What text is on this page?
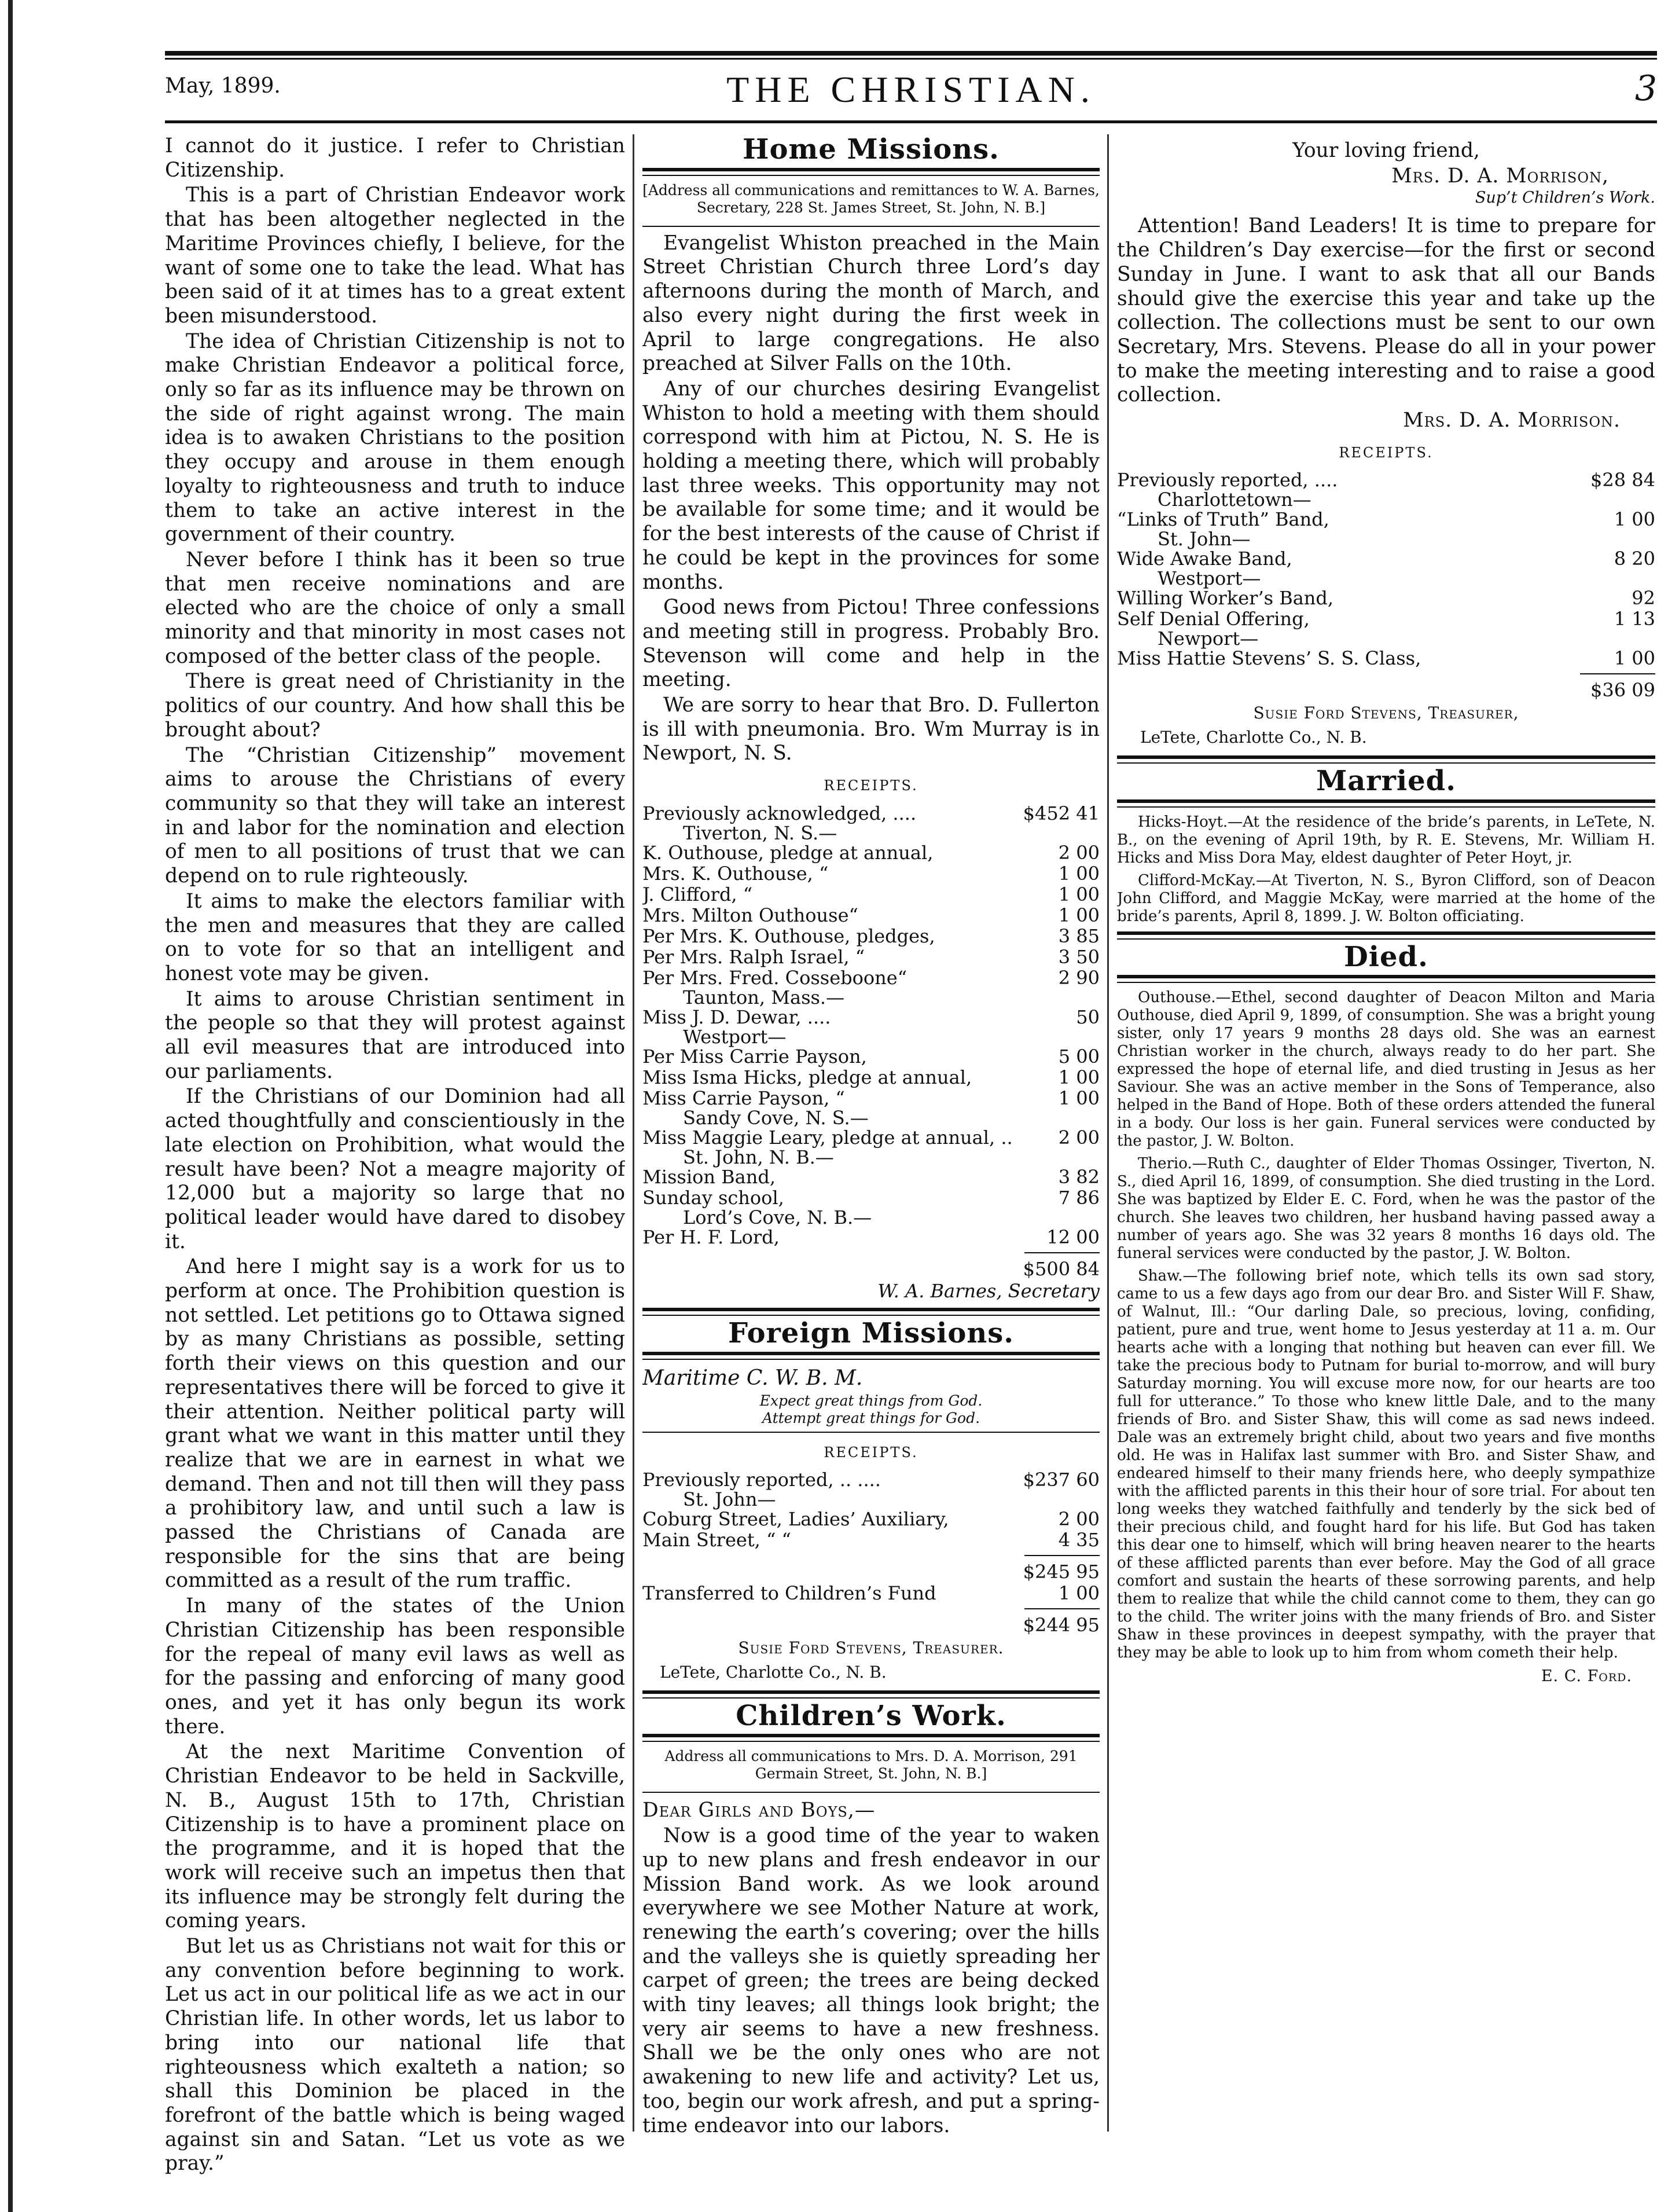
May, 1899.	THE CHRISTIAN.	3

I cannot do it justice. I refer to Christian Citizenship.

This is a part of Christian Endeavor work that has been altogether neglected in the Maritime Provinces chiefly, I believe, for the want of some one to take the lead. What has been said of it at times has to a great extent been misunderstood.

The idea of Christian Citizenship is not to make Christian Endeavor a political force, only so far as its influence may be thrown on the side of right against wrong. The main idea is to awaken Christians to the position they occupy and arouse in them enough loyalty to righteousness and truth to induce them to take an active interest in the government of their country.

Never before I think has it been so true that men receive nominations and are elected who are the choice of only a small minority and that minority in most cases not composed of the better class of the people.

There is great need of Christianity in the politics of our country. And how shall this be brought about?

The “Christian Citizenship” movement aims to arouse the Christians of every community so that they will take an interest in and labor for the nomination and election of men to all positions of trust that we can depend on to rule righteously.

It aims to make the electors familiar with the men and measures that they are called on to vote for so that an intelligent and honest vote may be given.

It aims to arouse Christian sentiment in the people so that they will protest against all evil measures that are introduced into our parliaments.

If the Christians of our Dominion had all acted thoughtfully and conscientiously in the late election on Prohibition, what would the result have been? Not a meagre majority of 12,000 but a majority so large that no political leader would have dared to disobey it.

And here I might say is a work for us to perform at once. The Prohibition question is not settled. Let petitions go to Ottawa signed by as many Christians as possible, setting forth their views on this question and our representatives there will be forced to give it their attention. Neither political party will grant what we want in this matter until they realize that we are in earnest in what we demand. Then and not till then will they pass a prohibitory law, and until such a law is passed the Christians of Canada are responsible for the sins that are being committed as a result of the rum traffic.

In many of the states of the Union Christian Citizenship has been responsible for the repeal of many evil laws as well as for the passing and enforcing of many good ones, and yet it has only begun its work there.

At the next Maritime Convention of Christian Endeavor to be held in Sackville, N. B., August 15th to 17th, Christian Citizenship is to have a prominent place on the programme, and it is hoped that the work will receive such an impetus then that its influence may be strongly felt during the coming years.

But let us as Christians not wait for this or any convention before beginning to work. Let us act in our political life as we act in our Christian life. In other words, let us labor to bring into our national life that righteousness which exalteth a nation; so shall this Dominion be placed in the forefront of the battle which is being waged against sin and Satan. “Let us vote as we pray.”

Home Missions.
[Address all communications and remittances to W. A. Barnes, Secretary, 228 St. James Street, St. John, N. B.]

Evangelist Whiston preached in the Main Street Christian Church three Lord’s day afternoons during the month of March, and also every night during the first week in April to large congregations. He also preached at Silver Falls on the 10th.

Any of our churches desiring Evangelist Whiston to hold a meeting with them should correspond with him at Pictou, N. S. He is holding a meeting there, which will probably last three weeks. This opportunity may not be available for some time; and it would be for the best interests of the cause of Christ if he could be kept in the provinces for some months.

Good news from Pictou! Three confessions and meeting still in progress. Probably Bro. Stevenson will come and help in the meeting.

We are sorry to hear that Bro. D. Fullerton is ill with pneumonia. Bro. Wm Murray is in Newport, N. S.

RECEIPTS.
Previously acknowledged, ....	$452 41
Tiverton, N. S.—
K. Outhouse, pledge at annual,	2 00
Mrs. K. Outhouse, “	1 00
J. Clifford, “	1 00
Mrs. Milton Outhouse“	1 00
Per Mrs. K. Outhouse, pledges,	3 85
Per Mrs. Ralph Israel, “	3 50
Per Mrs. Fred. Cosseboone“	2 90
Taunton, Mass.—
Miss J. D. Dewar, ....	50
Westport—
Per Miss Carrie Payson,	5 00
Miss Isma Hicks, pledge at annual,	1 00
Miss Carrie Payson, “	1 00
Sandy Cove, N. S.—
Miss Maggie Leary, pledge at annual, ..	2 00
St. John, N. B.—
Mission Band,	3 82
Sunday school,	7 86
Lord’s Cove, N. B.—
Per H. F. Lord,	12 00
$500 84
W. A. Barnes, Secretary
Foreign Missions.
Maritime C. W. B. M.
Expect great things from God.
Attempt great things for God.
RECEIPTS.
Previously reported, .. ....	$237 60
St. John—
Coburg Street, Ladies’ Auxiliary,	2 00
Main Street, “ “	4 35
$245 95
Transferred to Children’s Fund	1 00
$244 95
Susie Ford Stevens, Treasurer.
LeTete, Charlotte Co., N. B.
Children’s Work.
Address all communications to Mrs. D. A. Morrison, 291 Germain Street, St. John, N. B.]

Dear Girls and Boys,—

Now is a good time of the year to waken up to new plans and fresh endeavor in our Mission Band work. As we look around everywhere we see Mother Nature at work, renewing the earth’s covering; over the hills and the valleys she is quietly spreading her carpet of green; the trees are being decked with tiny leaves; all things look bright; the very air seems to have a new freshness. Shall we be the only ones who are not awakening to new life and activity? Let us, too, begin our work afresh, and put a spring-time endeavor into our labors.

Your loving friend,

Mrs. D. A. Morrison,

Sup’t Children’s Work.

Attention! Band Leaders! It is time to prepare for the Children’s Day exercise—for the first or second Sunday in June. I want to ask that all our Bands should give the exercise this year and take up the collection. The collections must be sent to our own Secretary, Mrs. Stevens. Please do all in your power to make the meeting interesting and to raise a good collection.

Mrs. D. A. Morrison.

RECEIPTS.
Previously reported, ....	$28 84
Charlottetown—
“Links of Truth” Band,	1 00
St. John—
Wide Awake Band,	8 20
Westport—
Willing Worker’s Band,	92
Self Denial Offering,	1 13
Newport—
Miss Hattie Stevens’ S. S. Class,	1 00
$36 09
Susie Ford Stevens, Treasurer,
LeTete, Charlotte Co., N. B.
Married.

Hicks-Hoyt.—At the residence of the bride’s parents, in LeTete, N. B., on the evening of April 19th, by R. E. Stevens, Mr. William H. Hicks and Miss Dora May, eldest daughter of Peter Hoyt, jr.

Clifford-McKay.—At Tiverton, N. S., Byron Clifford, son of Deacon John Clifford, and Maggie McKay, were married at the home of the bride’s parents, April 8, 1899. J. W. Bolton officiating.

Died.

Outhouse.—Ethel, second daughter of Deacon Milton and Maria Outhouse, died April 9, 1899, of consumption. She was a bright young sister, only 17 years 9 months 28 days old. She was an earnest Christian worker in the church, always ready to do her part. She expressed the hope of eternal life, and died trusting in Jesus as her Saviour. She was an active member in the Sons of Temperance, also helped in the Band of Hope. Both of these orders attended the funeral in a body. Our loss is her gain. Funeral services were conducted by the pastor, J. W. Bolton.

Therio.—Ruth C., daughter of Elder Thomas Ossinger, Tiverton, N. S., died April 16, 1899, of consumption. She died trusting in the Lord. She was baptized by Elder E. C. Ford, when he was the pastor of the church. She leaves two children, her husband having passed away a number of years ago. She was 32 years 8 months 16 days old. The funeral services were conducted by the pastor, J. W. Bolton.

Shaw.—The following brief note, which tells its own sad story, came to us a few days ago from our dear Bro. and Sister Will F. Shaw, of Walnut, Ill.: “Our darling Dale, so precious, loving, confiding, patient, pure and true, went home to Jesus yesterday at 11 a. m. Our hearts ache with a longing that nothing but heaven can ever fill. We take the precious body to Putnam for burial to-morrow, and will bury Saturday morning. You will excuse more now, for our hearts are too full for utterance.” To those who knew little Dale, and to the many friends of Bro. and Sister Shaw, this will come as sad news indeed. Dale was an extremely bright child, about two years and five months old. He was in Halifax last summer with Bro. and Sister Shaw, and endeared himself to their many friends here, who deeply sympathize with the afflicted parents in this their hour of sore trial. For about ten long weeks they watched faithfully and tenderly by the sick bed of their precious child, and fought hard for his life. But God has taken this dear one to himself, which will bring heaven nearer to the hearts of these afflicted parents than ever before. May the God of all grace comfort and sustain the hearts of these sorrowing parents, and help them to realize that while the child cannot come to them, they can go to the child. The writer joins with the many friends of Bro. and Sister Shaw in these provinces in deepest sympathy, with the prayer that they may be able to look up to him from whom cometh their help.

E. C. Ford.
